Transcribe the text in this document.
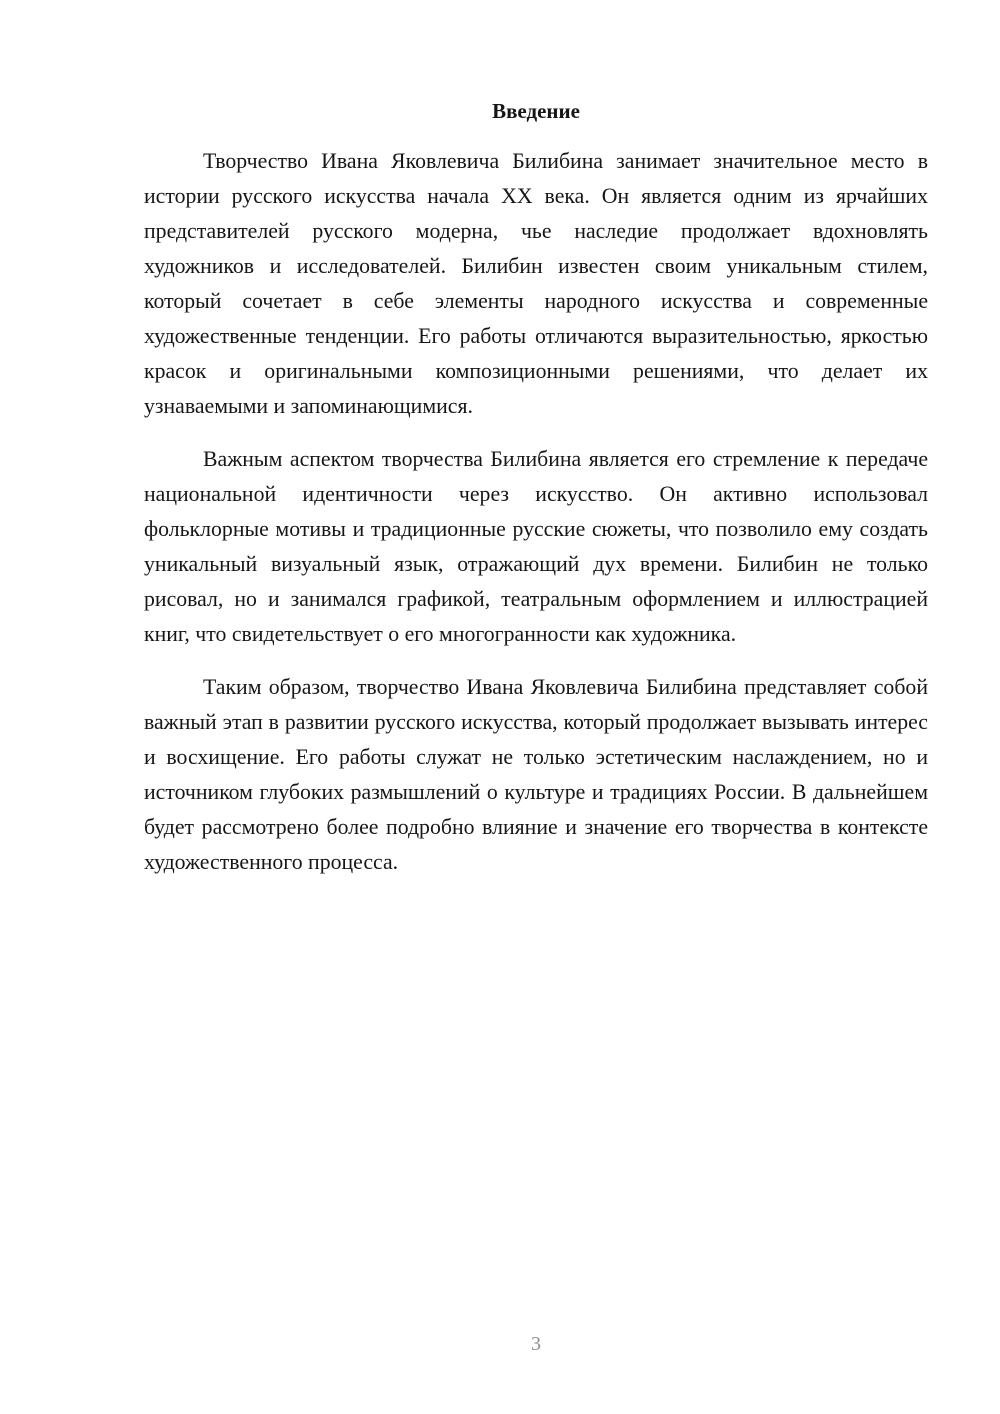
Введение

Творчество Ивана Яковлевича Билибина занимает значительное место в истории русского искусства начала XX века. Он является одним из ярчайших представителей русского модерна, чье наследие продолжает вдохновлять художников и исследователей. Билибин известен своим уникальным стилем, который сочетает в себе элементы народного искусства и современные художественные тенденции. Его работы отличаются выразительностью, яркостью красок и оригинальными композиционными решениями, что делает их узнаваемыми и запоминающимися.

Важным аспектом творчества Билибина является его стремление к передаче национальной идентичности через искусство. Он активно использовал фольклорные мотивы и традиционные русские сюжеты, что позволило ему создать уникальный визуальный язык, отражающий дух времени. Билибин не только рисовал, но и занимался графикой, театральным оформлением и иллюстрацией книг, что свидетельствует о его многогранности как художника.

Таким образом, творчество Ивана Яковлевича Билибина представляет собой важный этап в развитии русского искусства, который продолжает вызывать интерес и восхищение. Его работы служат не только эстетическим наслаждением, но и источником глубоких размышлений о культуре и традициях России. В дальнейшем будет рассмотрено более подробно влияние и значение его творчества в контексте художественного процесса.

3
